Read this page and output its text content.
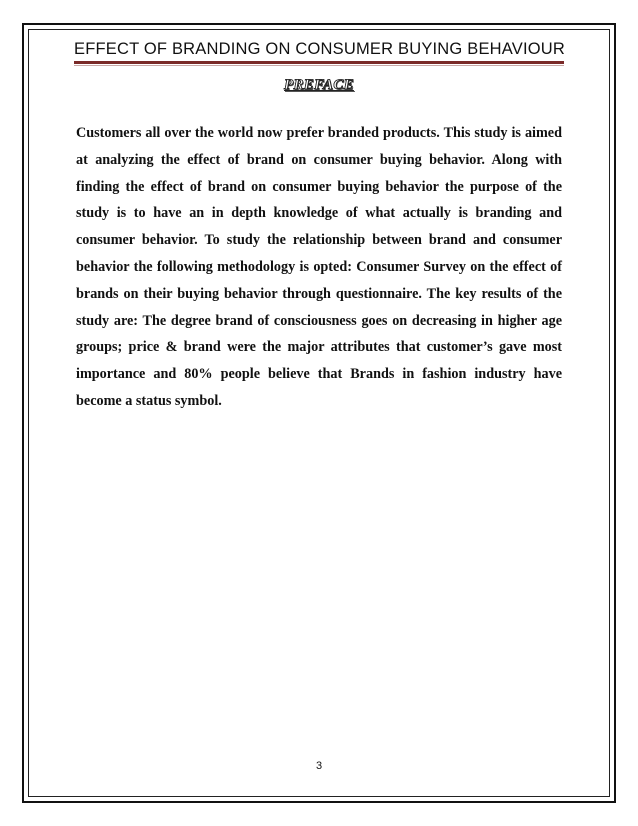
EFFECT OF BRANDING ON CONSUMER BUYING BEHAVIOUR
PREFACE

Customers all over the world now prefer branded products. This study is aimed at analyzing the effect of brand on consumer buying behavior. Along with finding the effect of brand on consumer buying behavior the purpose of the study is to have an in depth knowledge of what actually is branding and consumer behavior. To study the relationship between brand and consumer behavior the following methodology is opted: Consumer Survey on the effect of brands on their buying behavior through questionnaire. The key results of the study are: The degree brand of consciousness goes on decreasing in higher age groups; price & brand were the major attributes that customer’s gave most importance and 80% people believe that Brands in fashion industry have become a status symbol.

3
